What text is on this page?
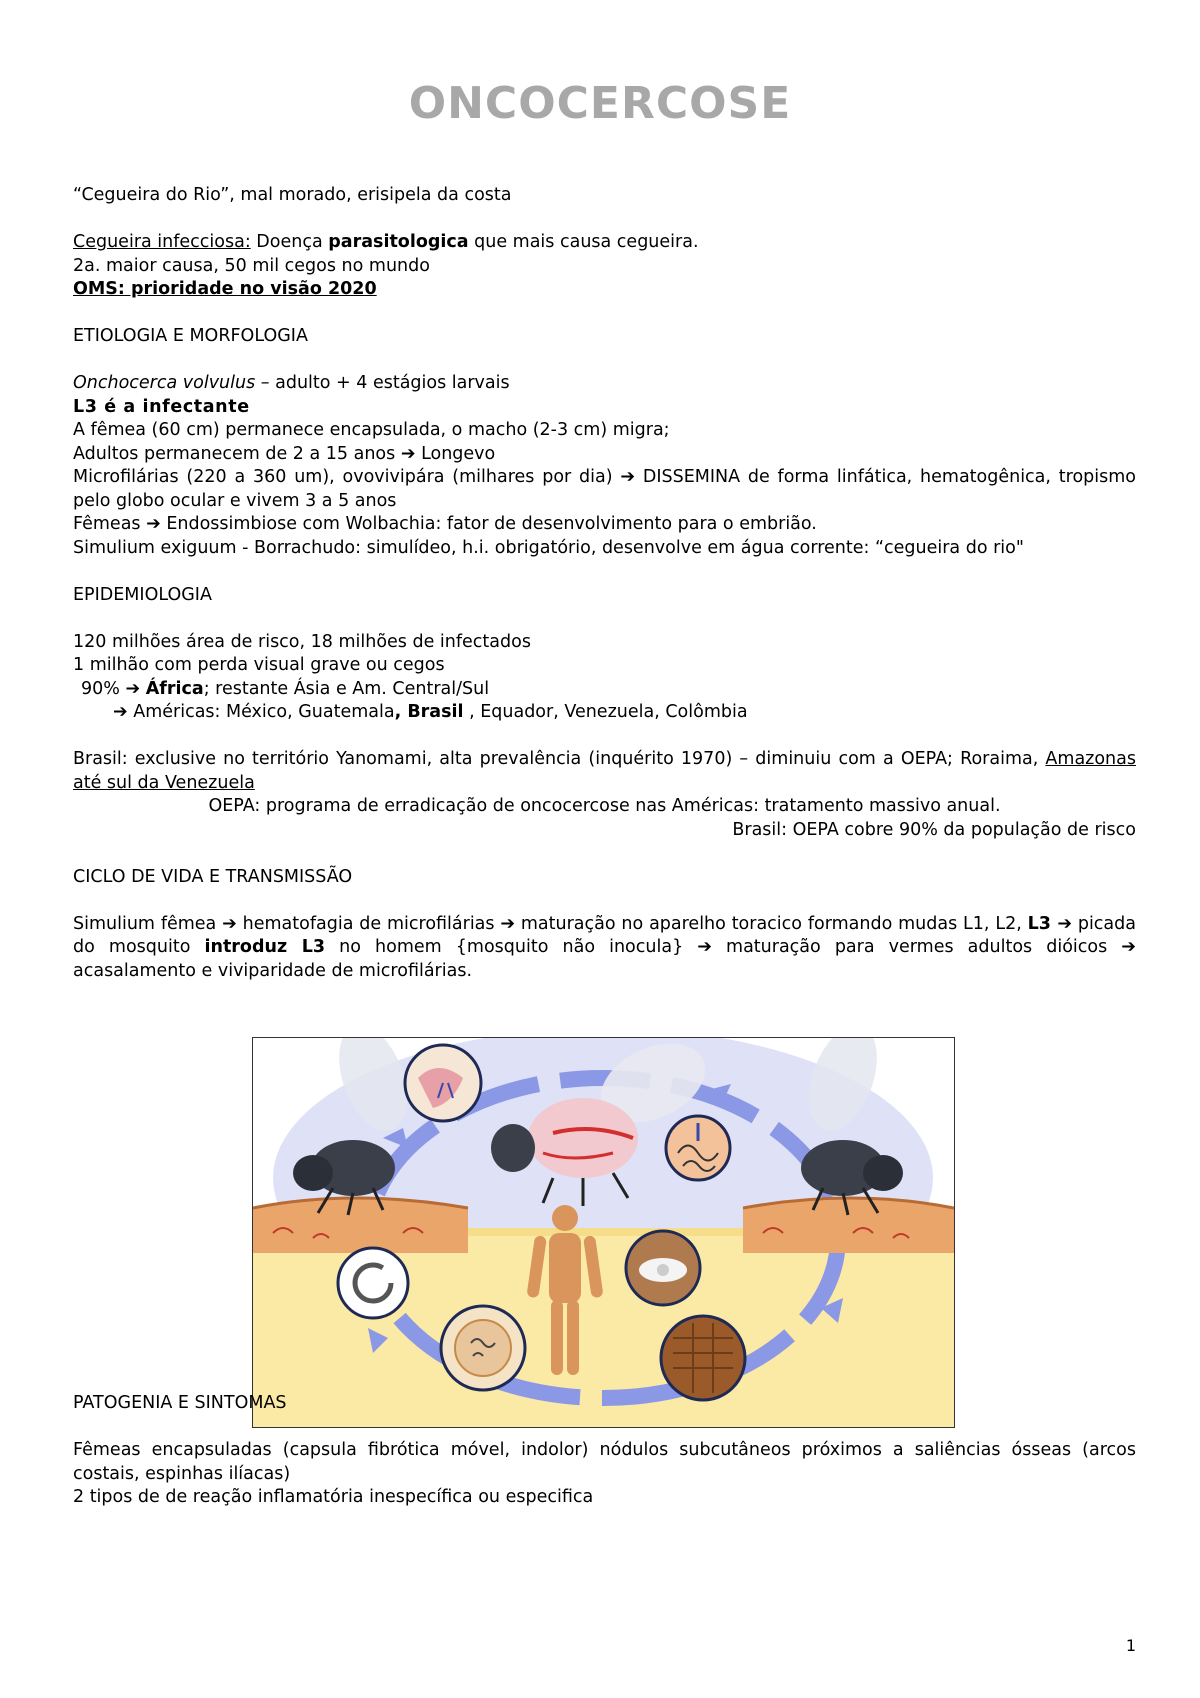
ONCOCERCOSE
“Cegueira do Rio”, mal morado, erisipela da costa
Cegueira infecciosa: Doença parasitologica que mais causa cegueira.
2a. maior causa, 50 mil cegos no mundo
OMS: prioridade no visão 2020
ETIOLOGIA E MORFOLOGIA
Onchocerca volvulus – adulto + 4 estágios larvais
L3 é a infectante
A fêmea (60 cm) permanece encapsulada, o macho (2-3 cm) migra;
Adultos permanecem de 2 a 15 anos ➔ Longevo
Microfilárias (220 a 360 um), ovovivipára (milhares por dia) ➔ DISSEMINA de forma linfática, hematogênica, tropismo pelo globo ocular e vivem 3 a 5 anos
Fêmeas ➔ Endossimbiose com Wolbachia: fator de desenvolvimento para o embrião.
Simulium exiguum - Borrachudo: simulídeo, h.i. obrigatório, desenvolve em água corrente: “cegueira do rio"
EPIDEMIOLOGIA
120 milhões área de risco, 18 milhões de infectados
1 milhão com perda visual grave ou cegos
90% ➔ África; restante Ásia e Am. Central/Sul
➔ Américas: México, Guatemala, Brasil , Equador, Venezuela, Colômbia
Brasil: exclusive no território Yanomami, alta prevalência (inquérito 1970) – diminuiu com a OEPA; Roraima, Amazonas até sul da Venezuela
OEPA: programa de erradicação de oncocercose nas Américas: tratamento massivo anual.
Brasil: OEPA cobre 90% da população de risco
CICLO DE VIDA E TRANSMISSÃO
Simulium fêmea ➔ hematofagia de microfilárias ➔ maturação no aparelho toracico formando mudas L1, L2, L3 ➔ picada do mosquito introduz L3 no homem {mosquito não inocula} ➔ maturação para vermes adultos dióicos ➔ acasalamento e viviparidade de microfilárias.
PATOGENIA E SINTOMAS
Fêmeas encapsuladas (capsula fibrótica móvel, indolor) nódulos subcutâneos próximos a saliências ósseas (arcos costais, espinhas ilíacas)
2 tipos de de reação inflamatória inespecífica ou especifica
1
